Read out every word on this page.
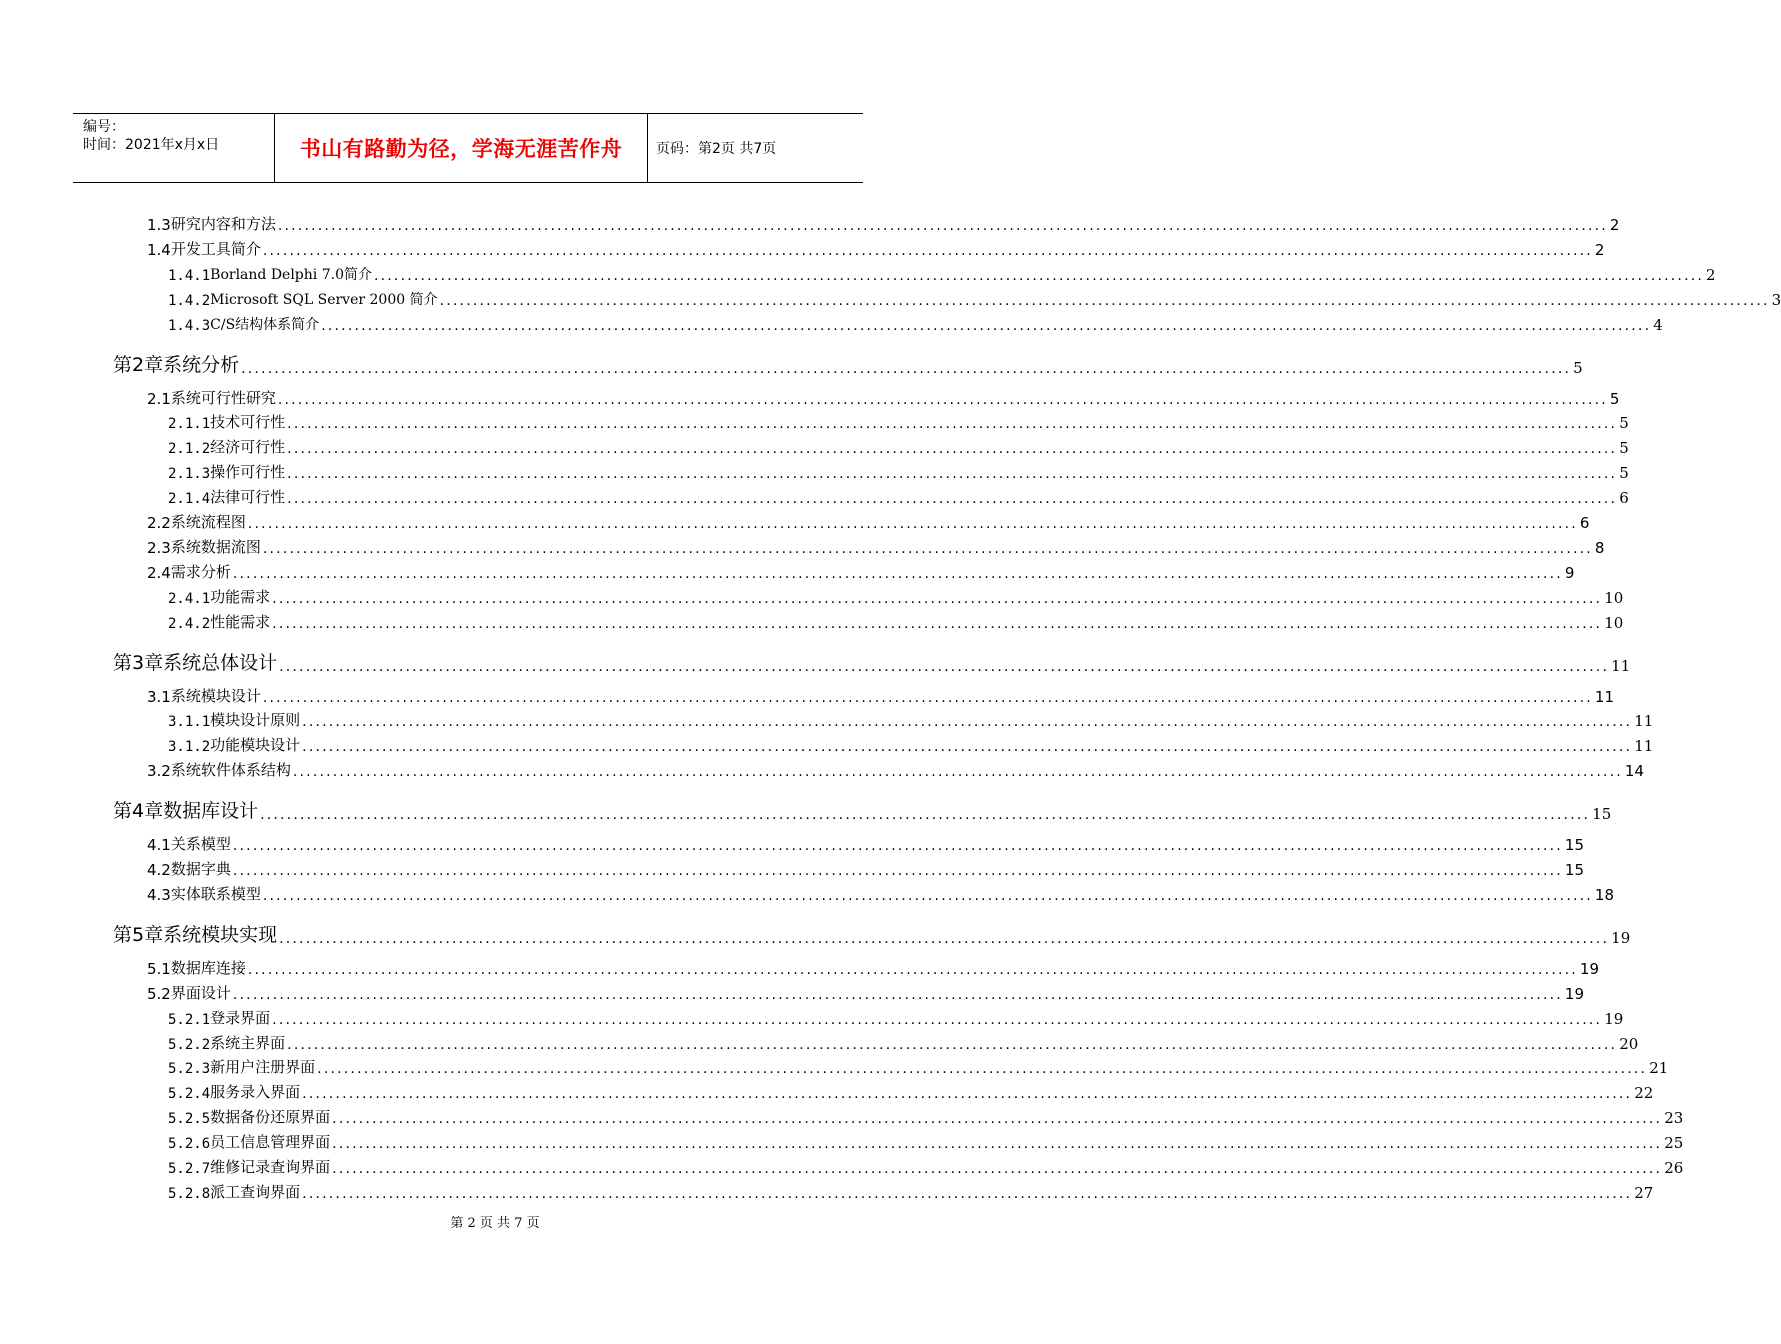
编号：
时间：2021年x月x日	书山有路勤为径，学海无涯苦作舟	页码：第2页 共7页
1.3 研究内容和方法 ........................................................................................................................................................................................................ 2
1.4 开发工具简介 ........................................................................................................................................................................................................ 2
1.4.1 Borland Delphi 7.0简介 ........................................................................................................................................................................................................ 2
1.4.2 Microsoft SQL Server 2000 简介 ........................................................................................................................................................................................................ 3
1.4.3 C/S结构体系简介 ........................................................................................................................................................................................................ 4
第2章 系统分析 ........................................................................................................................................................................................................ 5
2.1 系统可行性研究 ........................................................................................................................................................................................................ 5
2.1.1 技术可行性 ........................................................................................................................................................................................................ 5
2.1.2 经济可行性 ........................................................................................................................................................................................................ 5
2.1.3 操作可行性 ........................................................................................................................................................................................................ 5
2.1.4 法律可行性 ........................................................................................................................................................................................................ 6
2.2 系统流程图 ........................................................................................................................................................................................................ 6
2.3 系统数据流图 ........................................................................................................................................................................................................ 8
2.4 需求分析 ........................................................................................................................................................................................................ 9
2.4.1 功能需求 ........................................................................................................................................................................................................ 10
2.4.2 性能需求 ........................................................................................................................................................................................................ 10
第3章 系统总体设计 ........................................................................................................................................................................................................ 11
3.1 系统模块设计 ........................................................................................................................................................................................................ 11
3.1.1 模块设计原则 ........................................................................................................................................................................................................ 11
3.1.2 功能模块设计 ........................................................................................................................................................................................................ 11
3.2 系统软件体系结构 ........................................................................................................................................................................................................ 14
第4章 数据库设计 ........................................................................................................................................................................................................ 15
4.1 关系模型 ........................................................................................................................................................................................................ 15
4.2 数据字典 ........................................................................................................................................................................................................ 15
4.3 实体联系模型 ........................................................................................................................................................................................................ 18
第5章 系统模块实现 ........................................................................................................................................................................................................ 19
5.1 数据库连接 ........................................................................................................................................................................................................ 19
5.2 界面设计 ........................................................................................................................................................................................................ 19
5.2.1 登录界面 ........................................................................................................................................................................................................ 19
5.2.2 系统主界面 ........................................................................................................................................................................................................ 20
5.2.3 新用户注册界面 ........................................................................................................................................................................................................ 21
5.2.4 服务录入界面 ........................................................................................................................................................................................................ 22
5.2.5 数据备份还原界面 ........................................................................................................................................................................................................ 23
5.2.6 员工信息管理界面 ........................................................................................................................................................................................................ 25
5.2.7 维修记录查询界面 ........................................................................................................................................................................................................ 26
5.2.8 派工查询界面 ........................................................................................................................................................................................................ 27
第 2 页 共 7 页
